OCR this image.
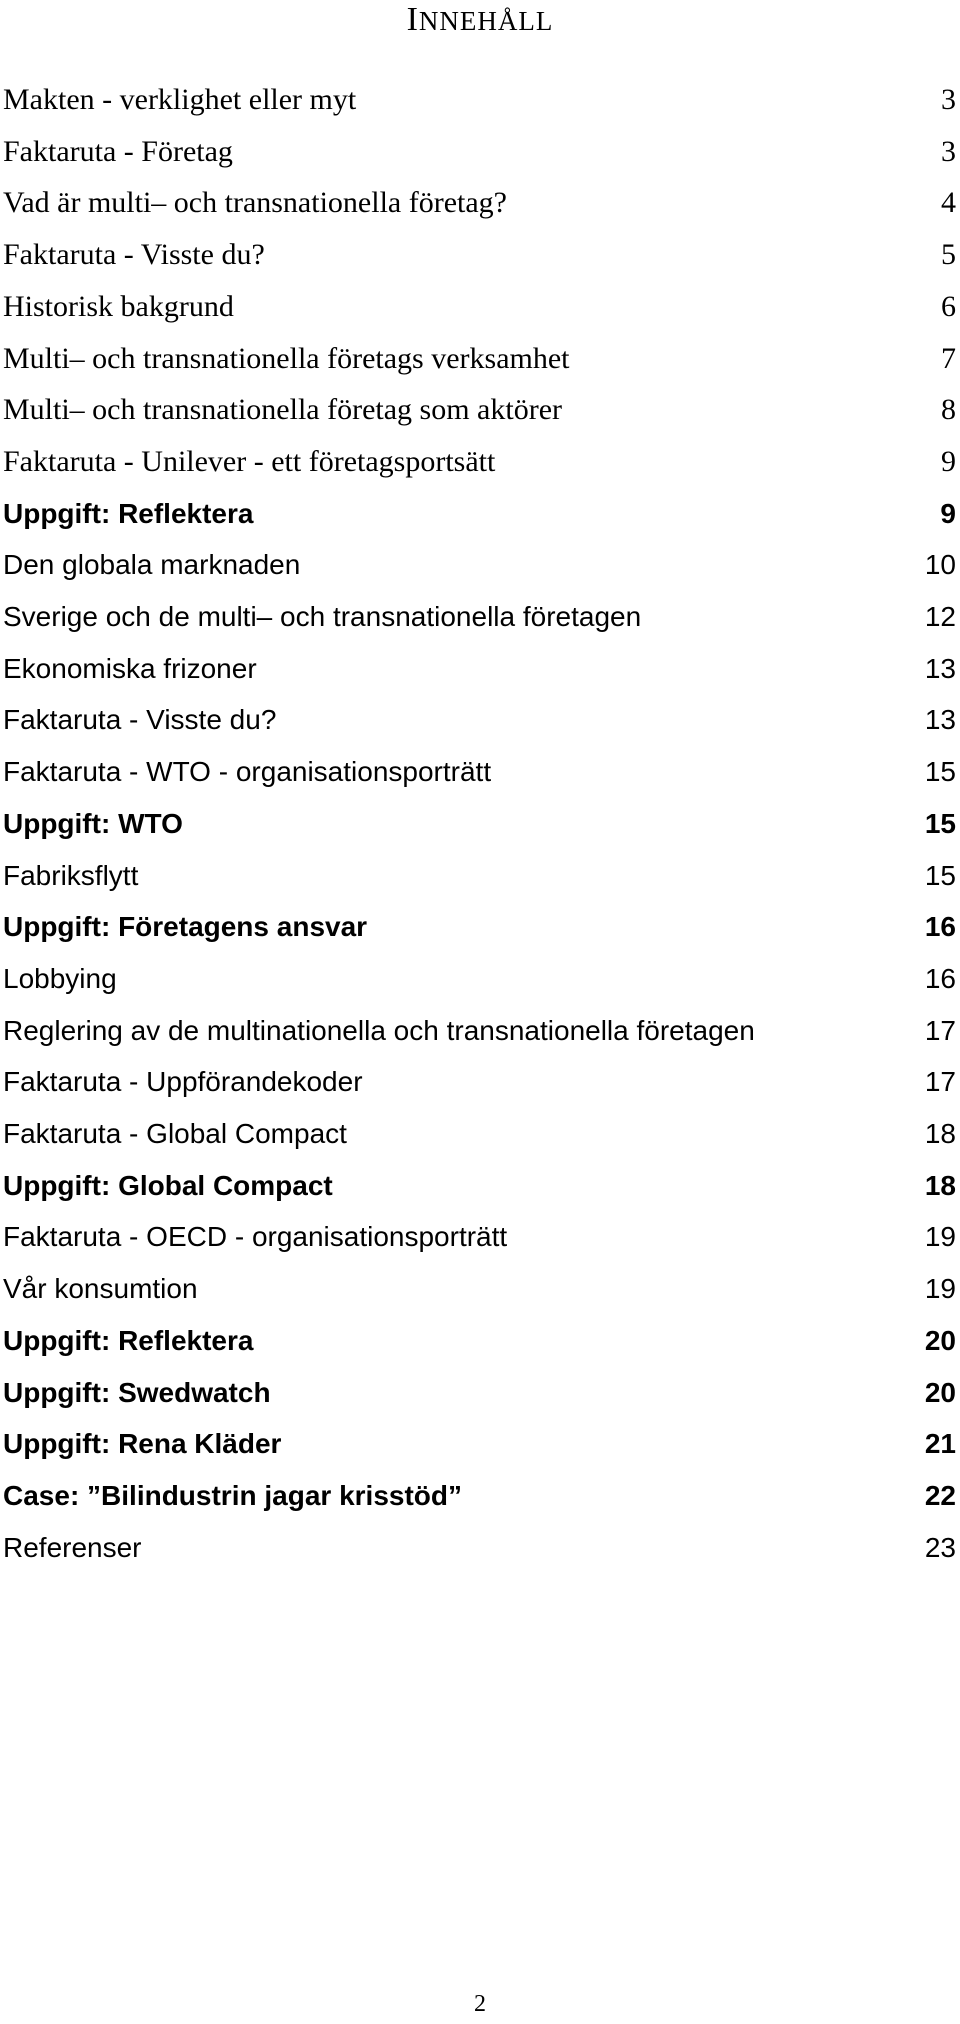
INNEHÅLL
Makten - verklighet eller myt	3
Faktaruta - Företag	3
Vad är multi– och transnationella företag?	4
Faktaruta - Visste du?	5
Historisk bakgrund	6
Multi– och transnationella företags verksamhet	7
Multi– och transnationella företag som aktörer	8
Faktaruta - Unilever - ett företagsportsätt	9
Uppgift: Reflektera	9
Den globala marknaden	10
Sverige och de multi– och transnationella företagen	12
Ekonomiska frizoner	13
Faktaruta - Visste du?	13
Faktaruta - WTO - organisationsporträtt	15
Uppgift: WTO	15
Fabriksflytt	15
Uppgift: Företagens ansvar	16
Lobbying	16
Reglering av de multinationella och transnationella företagen	17
Faktaruta - Uppförandekoder	17
Faktaruta - Global Compact	18
Uppgift: Global Compact	18
Faktaruta - OECD - organisationsporträtt	19
Vår konsumtion	19
Uppgift: Reflektera	20
Uppgift: Swedwatch	20
Uppgift: Rena Kläder	21
Case: ”Bilindustrin jagar krisstöd”	22
Referenser	23
2
